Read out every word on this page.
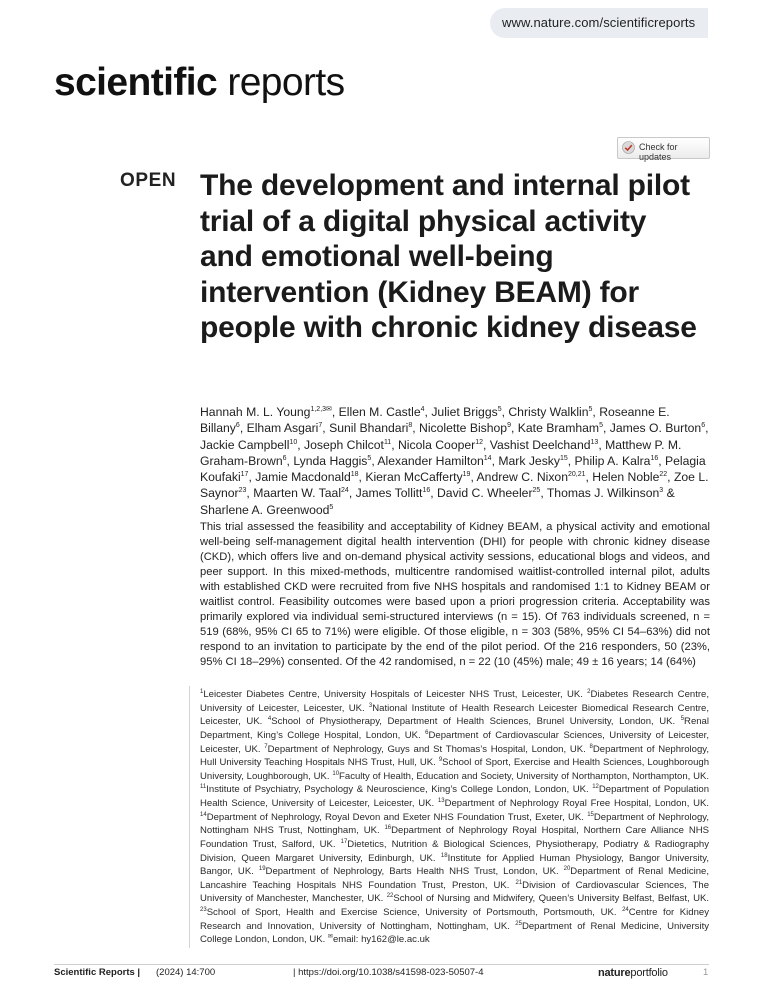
www.nature.com/scientificreports
scientific reports
Check for updates
OPEN The development and internal pilot trial of a digital physical activity and emotional well-being intervention (Kidney BEAM) for people with chronic kidney disease
Hannah M. L. Young$^{1,2,3✉}$, Ellen M. Castle$^4$, Juliet Briggs$^5$, Christy Walklin$^5$, Roseanne E. Billany$^6$, Elham Asgari$^7$, Sunil Bhandari$^8$, Nicolette Bishop$^9$, Kate Bramham$^5$, James O. Burton$^6$, Jackie Campbell$^{10}$, Joseph Chilcot$^{11}$, Nicola Cooper$^{12}$, Vashist Deelchand$^{13}$, Matthew P. M. Graham-Brown$^6$, Lynda Haggis$^5$, Alexander Hamilton$^{14}$, Mark Jesky$^{15}$, Philip A. Kalra$^{16}$, Pelagia Koufaki$^{17}$, Jamie Macdonald$^{18}$, Kieran McCafferty$^{19}$, Andrew C. Nixon$^{20,21}$, Helen Noble$^{22}$, Zoe L. Saynor$^{23}$, Maarten W. Taal$^{24}$, James Tollitt$^{16}$, David C. Wheeler$^{25}$, Thomas J. Wilkinson$^3$ & Sharlene A. Greenwood$^5$

This trial assessed the feasibility and acceptability of Kidney BEAM, a physical activity and emotional well-being self-management digital health intervention (DHI) for people with chronic kidney disease (CKD), which offers live and on-demand physical activity sessions, educational blogs and videos, and peer support. In this mixed-methods, multicentre randomised waitlist-controlled internal pilot, adults with established CKD were recruited from five NHS hospitals and randomised 1:1 to Kidney BEAM or waitlist control. Feasibility outcomes were based upon a priori progression criteria. Acceptability was primarily explored via individual semi-structured interviews (n = 15). Of 763 individuals screened, n = 519 (68%, 95% CI 65 to 71%) were eligible. Of those eligible, n = 303 (58%, 95% CI 54–63%) did not respond to an invitation to participate by the end of the pilot period. Of the 216 responders, 50 (23%, 95% CI 18–29%) consented. Of the 42 randomised, n = 22 (10 (45%) male; 49 ± 16 years; 14 (64%)

$^1$Leicester Diabetes Centre, University Hospitals of Leicester NHS Trust, Leicester, UK. $^2$Diabetes Research Centre, University of Leicester, Leicester, UK. $^3$National Institute of Health Research Leicester Biomedical Research Centre, Leicester, UK. $^4$School of Physiotherapy, Department of Health Sciences, Brunel University, London, UK. $^5$Renal Department, King’s College Hospital, London, UK. $^6$Department of Cardiovascular Sciences, University of Leicester, Leicester, UK. $^7$Department of Nephrology, Guys and St Thomas’s Hospital, London, UK. $^8$Department of Nephrology, Hull University Teaching Hospitals NHS Trust, Hull, UK. $^9$School of Sport, Exercise and Health Sciences, Loughborough University, Loughborough, UK. $^{10}$Faculty of Health, Education and Society, University of Northampton, Northampton, UK. $^{11}$Institute of Psychiatry, Psychology & Neuroscience, King’s College London, London, UK. $^{12}$Department of Population Health Science, University of Leicester, Leicester, UK. $^{13}$Department of Nephrology Royal Free Hospital, London, UK. $^{14}$Department of Nephrology, Royal Devon and Exeter NHS Foundation Trust, Exeter, UK. $^{15}$Department of Nephrology, Nottingham NHS Trust, Nottingham, UK. $^{16}$Department of Nephrology Royal Hospital, Northern Care Alliance NHS Foundation Trust, Salford, UK. $^{17}$Dietetics, Nutrition & Biological Sciences, Physiotherapy, Podiatry & Radiography Division, Queen Margaret University, Edinburgh, UK. $^{18}$Institute for Applied Human Physiology, Bangor University, Bangor, UK. $^{19}$Department of Nephrology, Barts Health NHS Trust, London, UK. $^{20}$Department of Renal Medicine, Lancashire Teaching Hospitals NHS Foundation Trust, Preston, UK. $^{21}$Division of Cardiovascular Sciences, The University of Manchester, Manchester, UK. $^{22}$School of Nursing and Midwifery, Queen’s University Belfast, Belfast, UK. $^{23}$School of Sport, Health and Exercise Science, University of Portsmouth, Portsmouth, UK. $^{24}$Centre for Kidney Research and Innovation, University of Nottingham, Nottingham, UK. $^{25}$Department of Renal Medicine, University College London, London, UK. ✉email: hy162@le.ac.uk
Scientific Reports | (2024) 14:700	| https://doi.org/10.1038/s41598-023-50507-4	natureportfolio	1
